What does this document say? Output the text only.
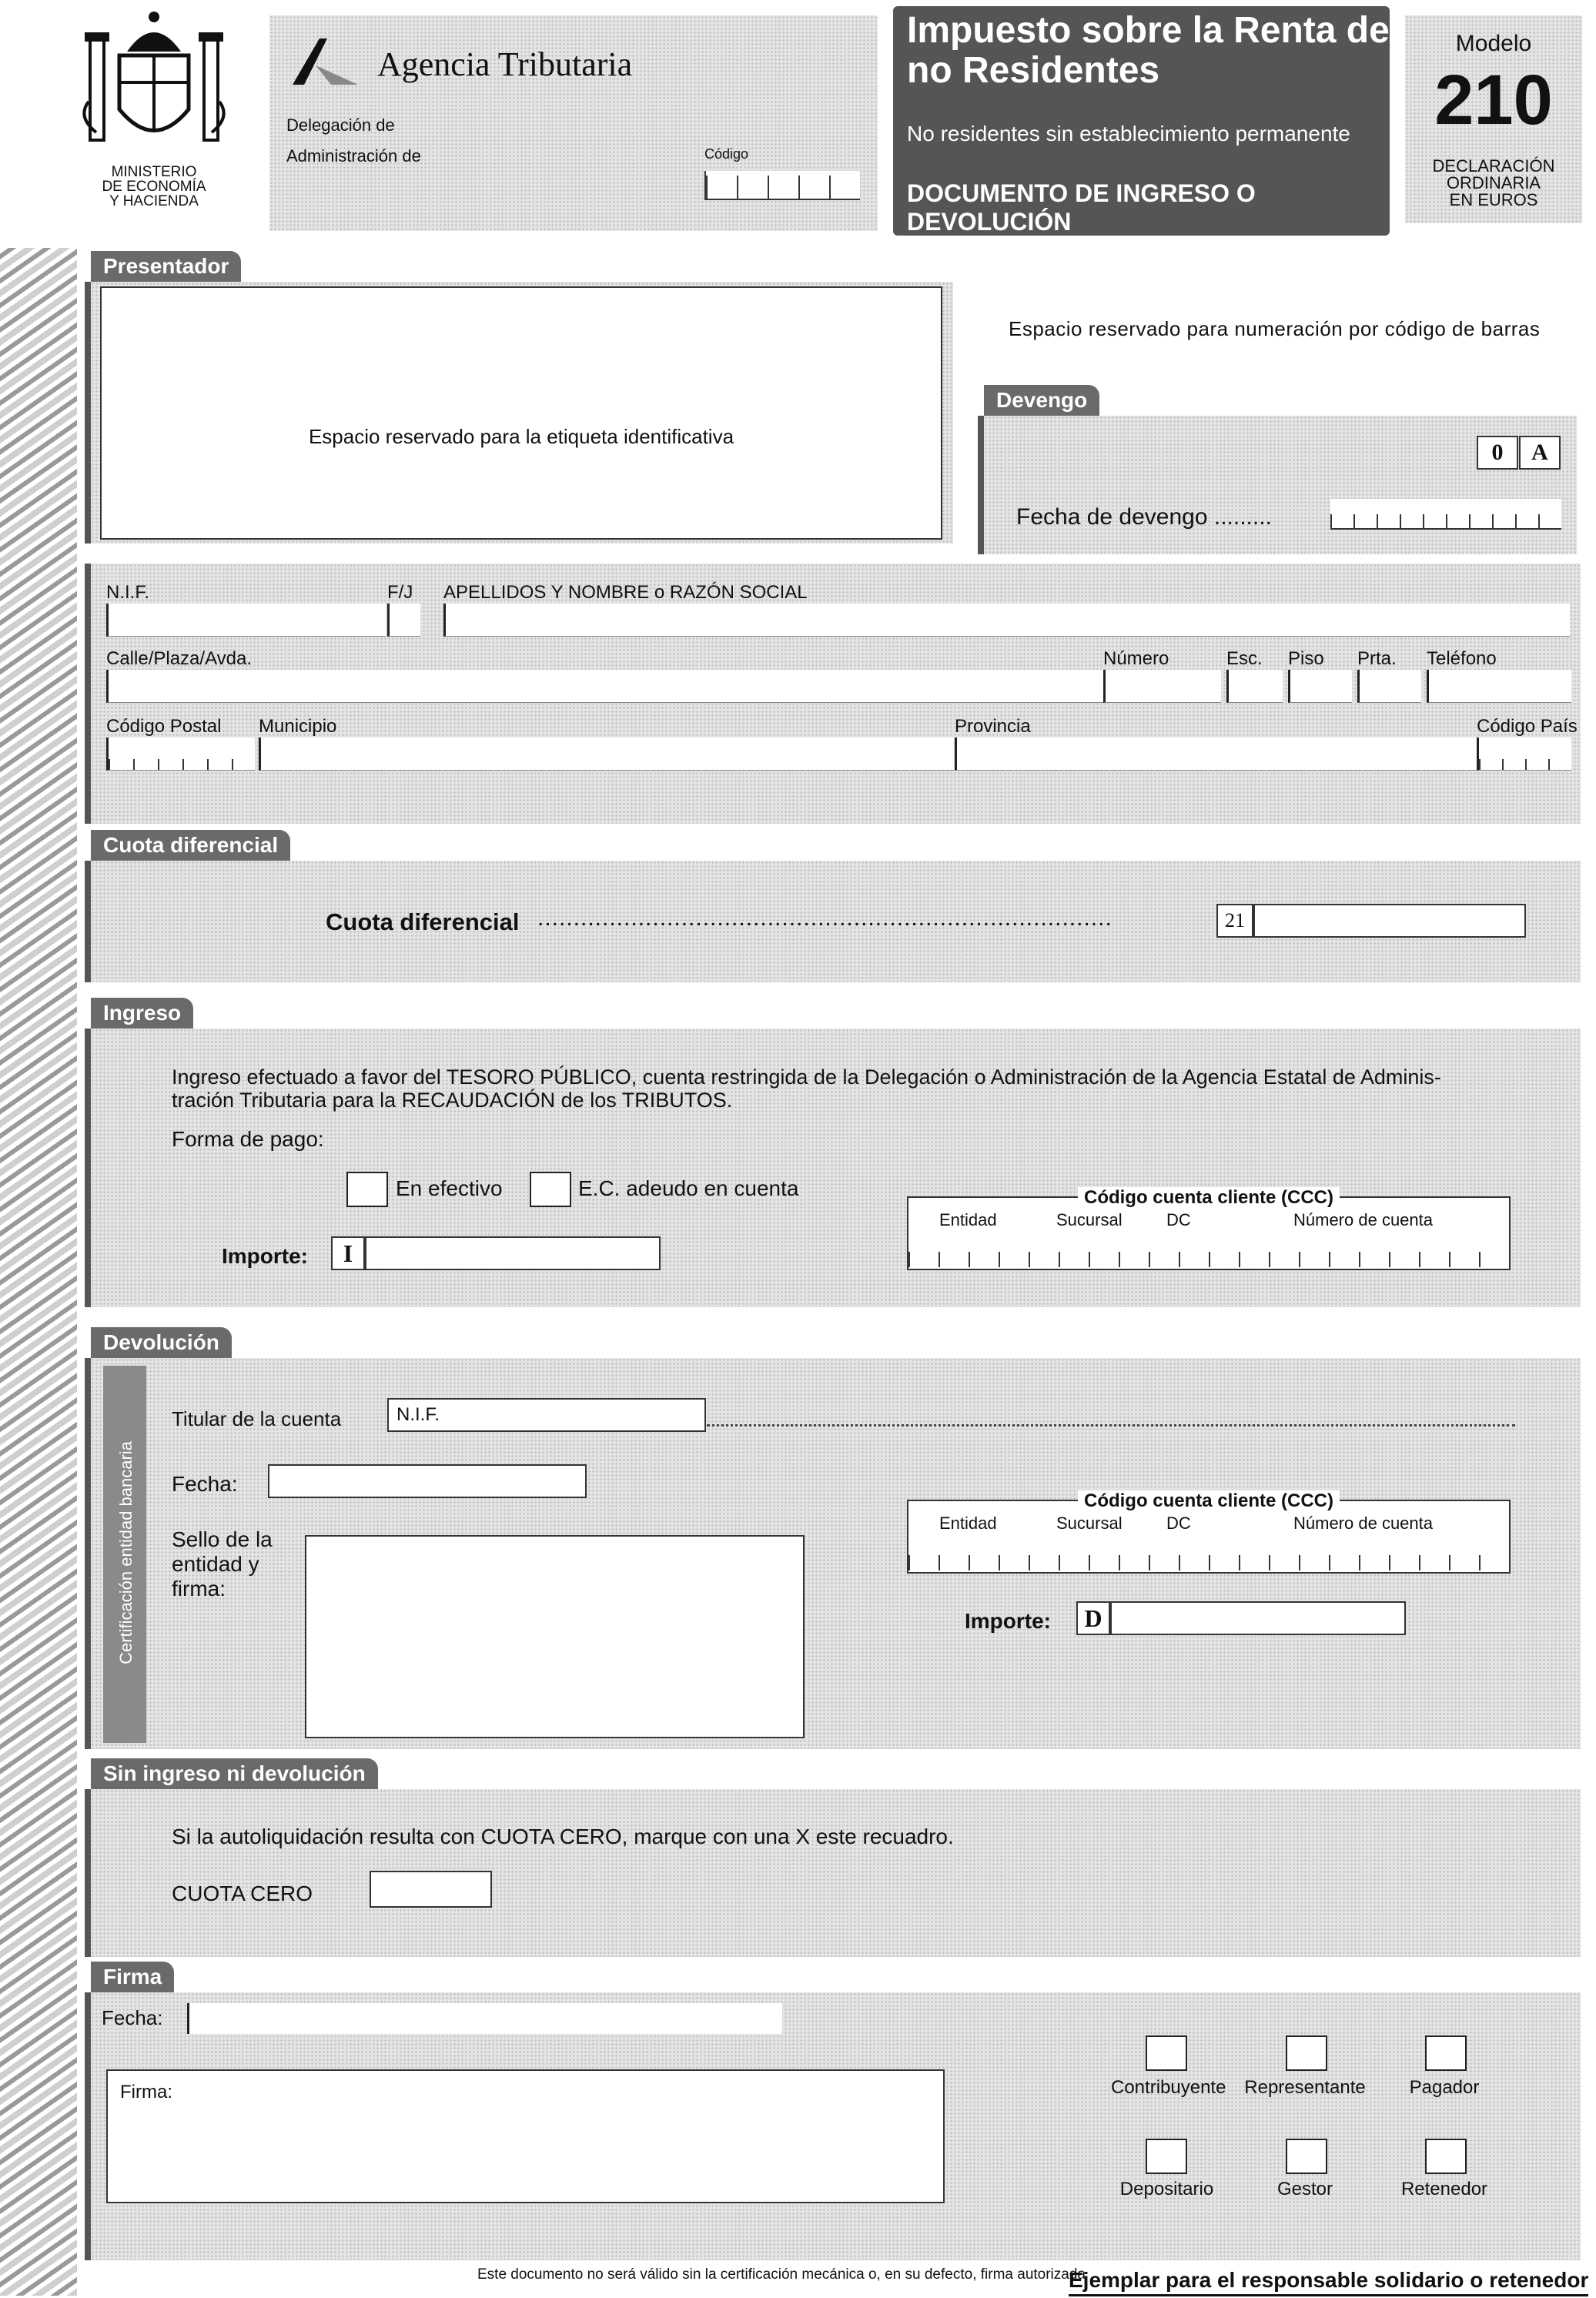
MINISTERIO
DE ECONOMÍA
Y HACIENDA
Agencia Tributaria
Delegación de
Administración de	Código
Impuesto sobre la Renta de
no Residentes
No residentes sin establecimiento permanente
DOCUMENTO DE INGRESO O DEVOLUCIÓN
Modelo
210
DECLARACIÓN
ORDINARIA
EN EUROS
Presentador
Espacio reservado para la etiqueta identificativa
Espacio reservado para numeración por código de barras
Devengo
0	A
Fecha de devengo .........
N.I.F.	F/J APELLIDOS Y NOMBRE o RAZÓN SOCIAL
Calle/Plaza/Avda.	Número	Esc. Piso Prta. Teléfono
Código Postal Municipio	Provincia	Código País
Cuota diferencial
Cuota diferencial ................................................................................	21
Ingreso
Ingreso efectuado a favor del TESORO PÚBLICO, cuenta restringida de la Delegación o Administración de la Agencia Estatal de Adminis-
tración Tributaria para la RECAUDACIÓN de los TRIBUTOS.
Forma de pago:
En efectivo	E.C. adeudo en cuenta
Importe:	I
Código cuenta cliente (CCC)
Entidad	Sucursal	DC	Número de cuenta
Devolución
Certificación entidad bancaria
Titular de la cuenta	N.I.F.
Fecha:
Sello de la
entidad y
firma:
Código cuenta cliente (CCC)
Entidad	Sucursal	DC	Número de cuenta
Importe:	D
Sin ingreso ni devolución
Si la autoliquidación resulta con CUOTA CERO, marque con una X este recuadro.
CUOTA CERO
Firma
Fecha:
Firma:	Contribuyente Representante	Pagador
Depositario	Gestor	Retenedor
Este documento no será válido sin la certificación mecánica o, en su defecto, firma autorizada
Ejemplar para el responsable solidario o retenedor
